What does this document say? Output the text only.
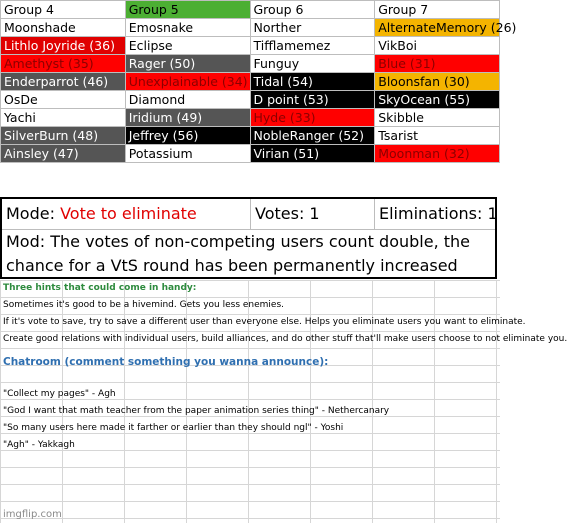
Group 4	Group 5	Group 6	Group 7
Moonshade	Emosnake	Norther	AlternateMemory (26)
Lithlo Joyride (36)	Eclipse	Tifflamemez	VikBoi
Amethyst (35)	Rager (50)	Funguy	Blue (31)
Enderparrot (46)	Unexplainable (34)	Tidal (54)	Bloonsfan (30)
OsDe	Diamond	D point (53)	SkyOcean (55)
Yachi	Iridium (49)	Hyde (33)	Skibble
SilverBurn (48)	Jeffrey (56)	NobleRanger (52)	Tsarist
Ainsley (47)	Potassium	Virian (51)	Moonman (32)
Mode: Vote to eliminate	Votes: 1	Eliminations: 1
Mod: The votes of non-competing users count double, the chance for a VtS round has been permanently increased
Three hints that could come in handy:
Sometimes it's good to be a hivemind. Gets you less enemies.
If it's vote to save, try to save a different user than everyone else. Helps you eliminate users you want to eliminate.
Create good relations with individual users, build alliances, and do other stuff that'll make users choose to not eliminate you.
Chatroom (comment something you wanna announce):
"Collect my pages" - Agh
"God I want that math teacher from the paper animation series thing" - Nethercanary
"So many users here made it farther or earlier than they should ngl" - Yoshi
"Agh" - Yakkagh
imgflip.com
